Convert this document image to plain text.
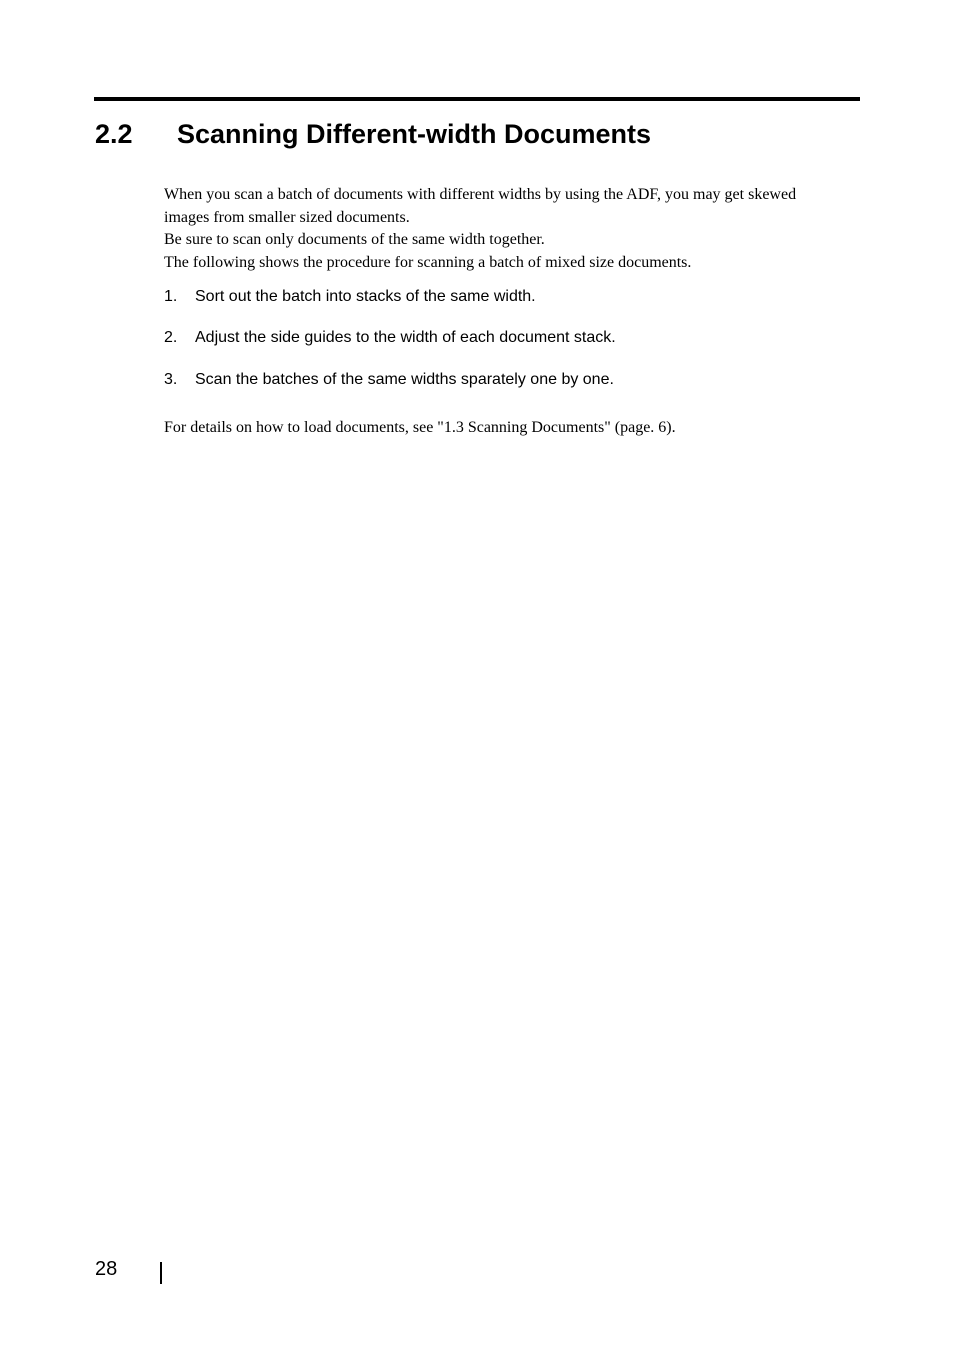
2.2 Scanning Different-width Documents

When you scan a batch of documents with different widths by using the ADF, you may get skewed
images from smaller sized documents.
Be sure to scan only documents of the same width together.
The following shows the procedure for scanning a batch of mixed size documents.

1. Sort out the batch into stacks of the same width.
2. Adjust the side guides to the width of each document stack.
3. Scan the batches of the same widths sparately one by one.

For details on how to load documents, see "1.3 Scanning Documents" (page. 6).

28
